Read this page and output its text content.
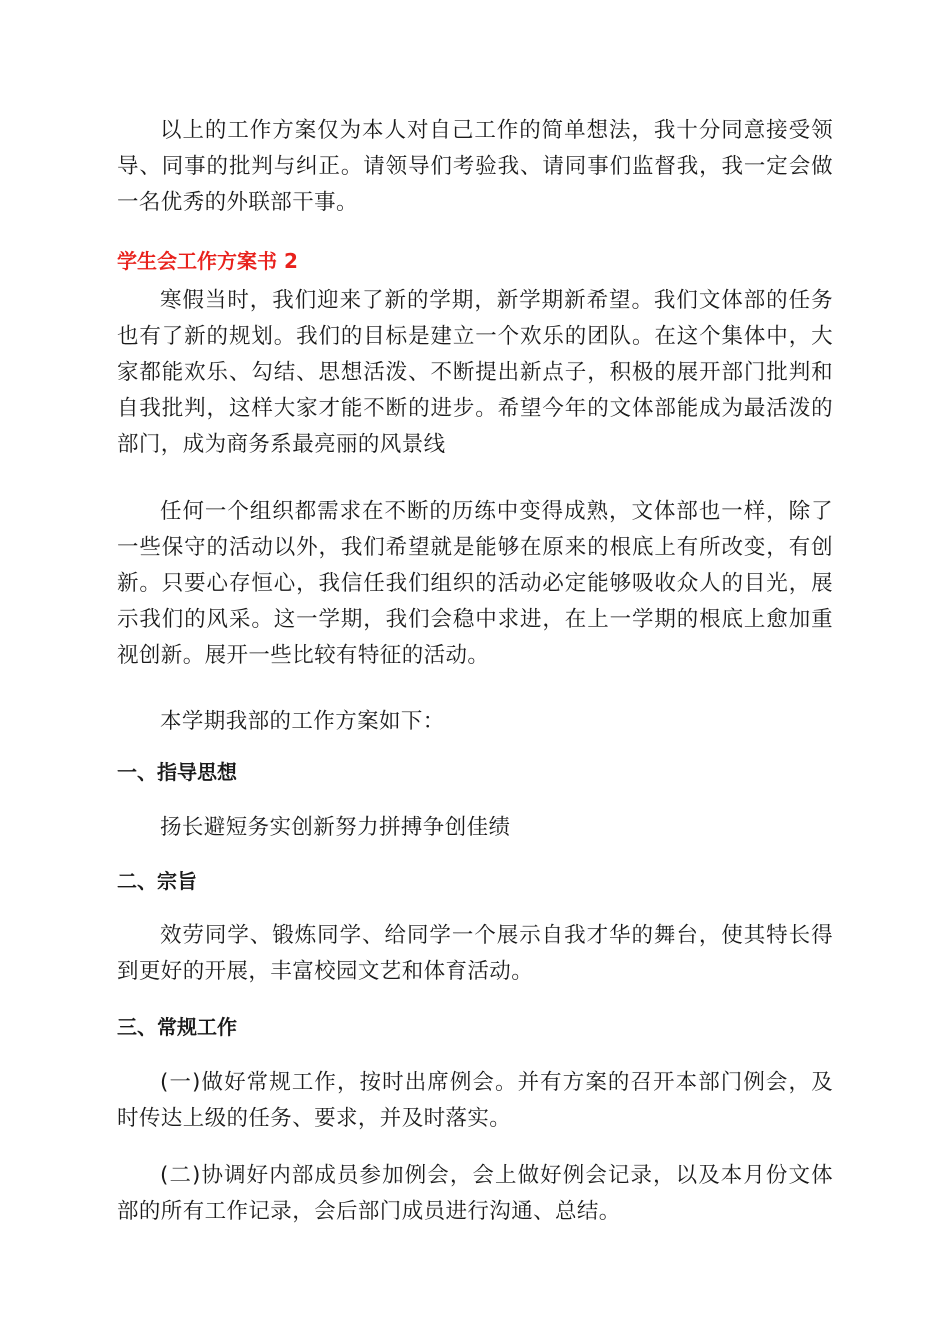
以上的工作方案仅为本人对自己工作的简单想法，我十分同意接受领导、同事的批判与纠正。请领导们考验我、请同事们监督我，我一定会做一名优秀的外联部干事。

学生会工作方案书 2

寒假当时，我们迎来了新的学期，新学期新希望。我们文体部的任务也有了新的规划。我们的目标是建立一个欢乐的团队。在这个集体中，大家都能欢乐、勾结、思想活泼、不断提出新点子，积极的展开部门批判和自我批判，这样大家才能不断的进步。希望今年的文体部能成为最活泼的部门，成为商务系最亮丽的风景线

任何一个组织都需求在不断的历练中变得成熟，文体部也一样，除了一些保守的活动以外，我们希望就是能够在原来的根底上有所改变，有创新。只要心存恒心，我信任我们组织的活动必定能够吸收众人的目光，展示我们的风采。这一学期，我们会稳中求进，在上一学期的根底上愈加重视创新。展开一些比较有特征的活动。

本学期我部的工作方案如下：

一、指导思想

扬长避短务实创新努力拼搏争创佳绩

二、宗旨

效劳同学、锻炼同学、给同学一个展示自我才华的舞台，使其特长得到更好的开展，丰富校园文艺和体育活动。

三、常规工作

(一)做好常规工作，按时出席例会。并有方案的召开本部门例会，及时传达上级的任务、要求，并及时落实。

(二)协调好内部成员参加例会，会上做好例会记录，以及本月份文体部的所有工作记录，会后部门成员进行沟通、总结。
